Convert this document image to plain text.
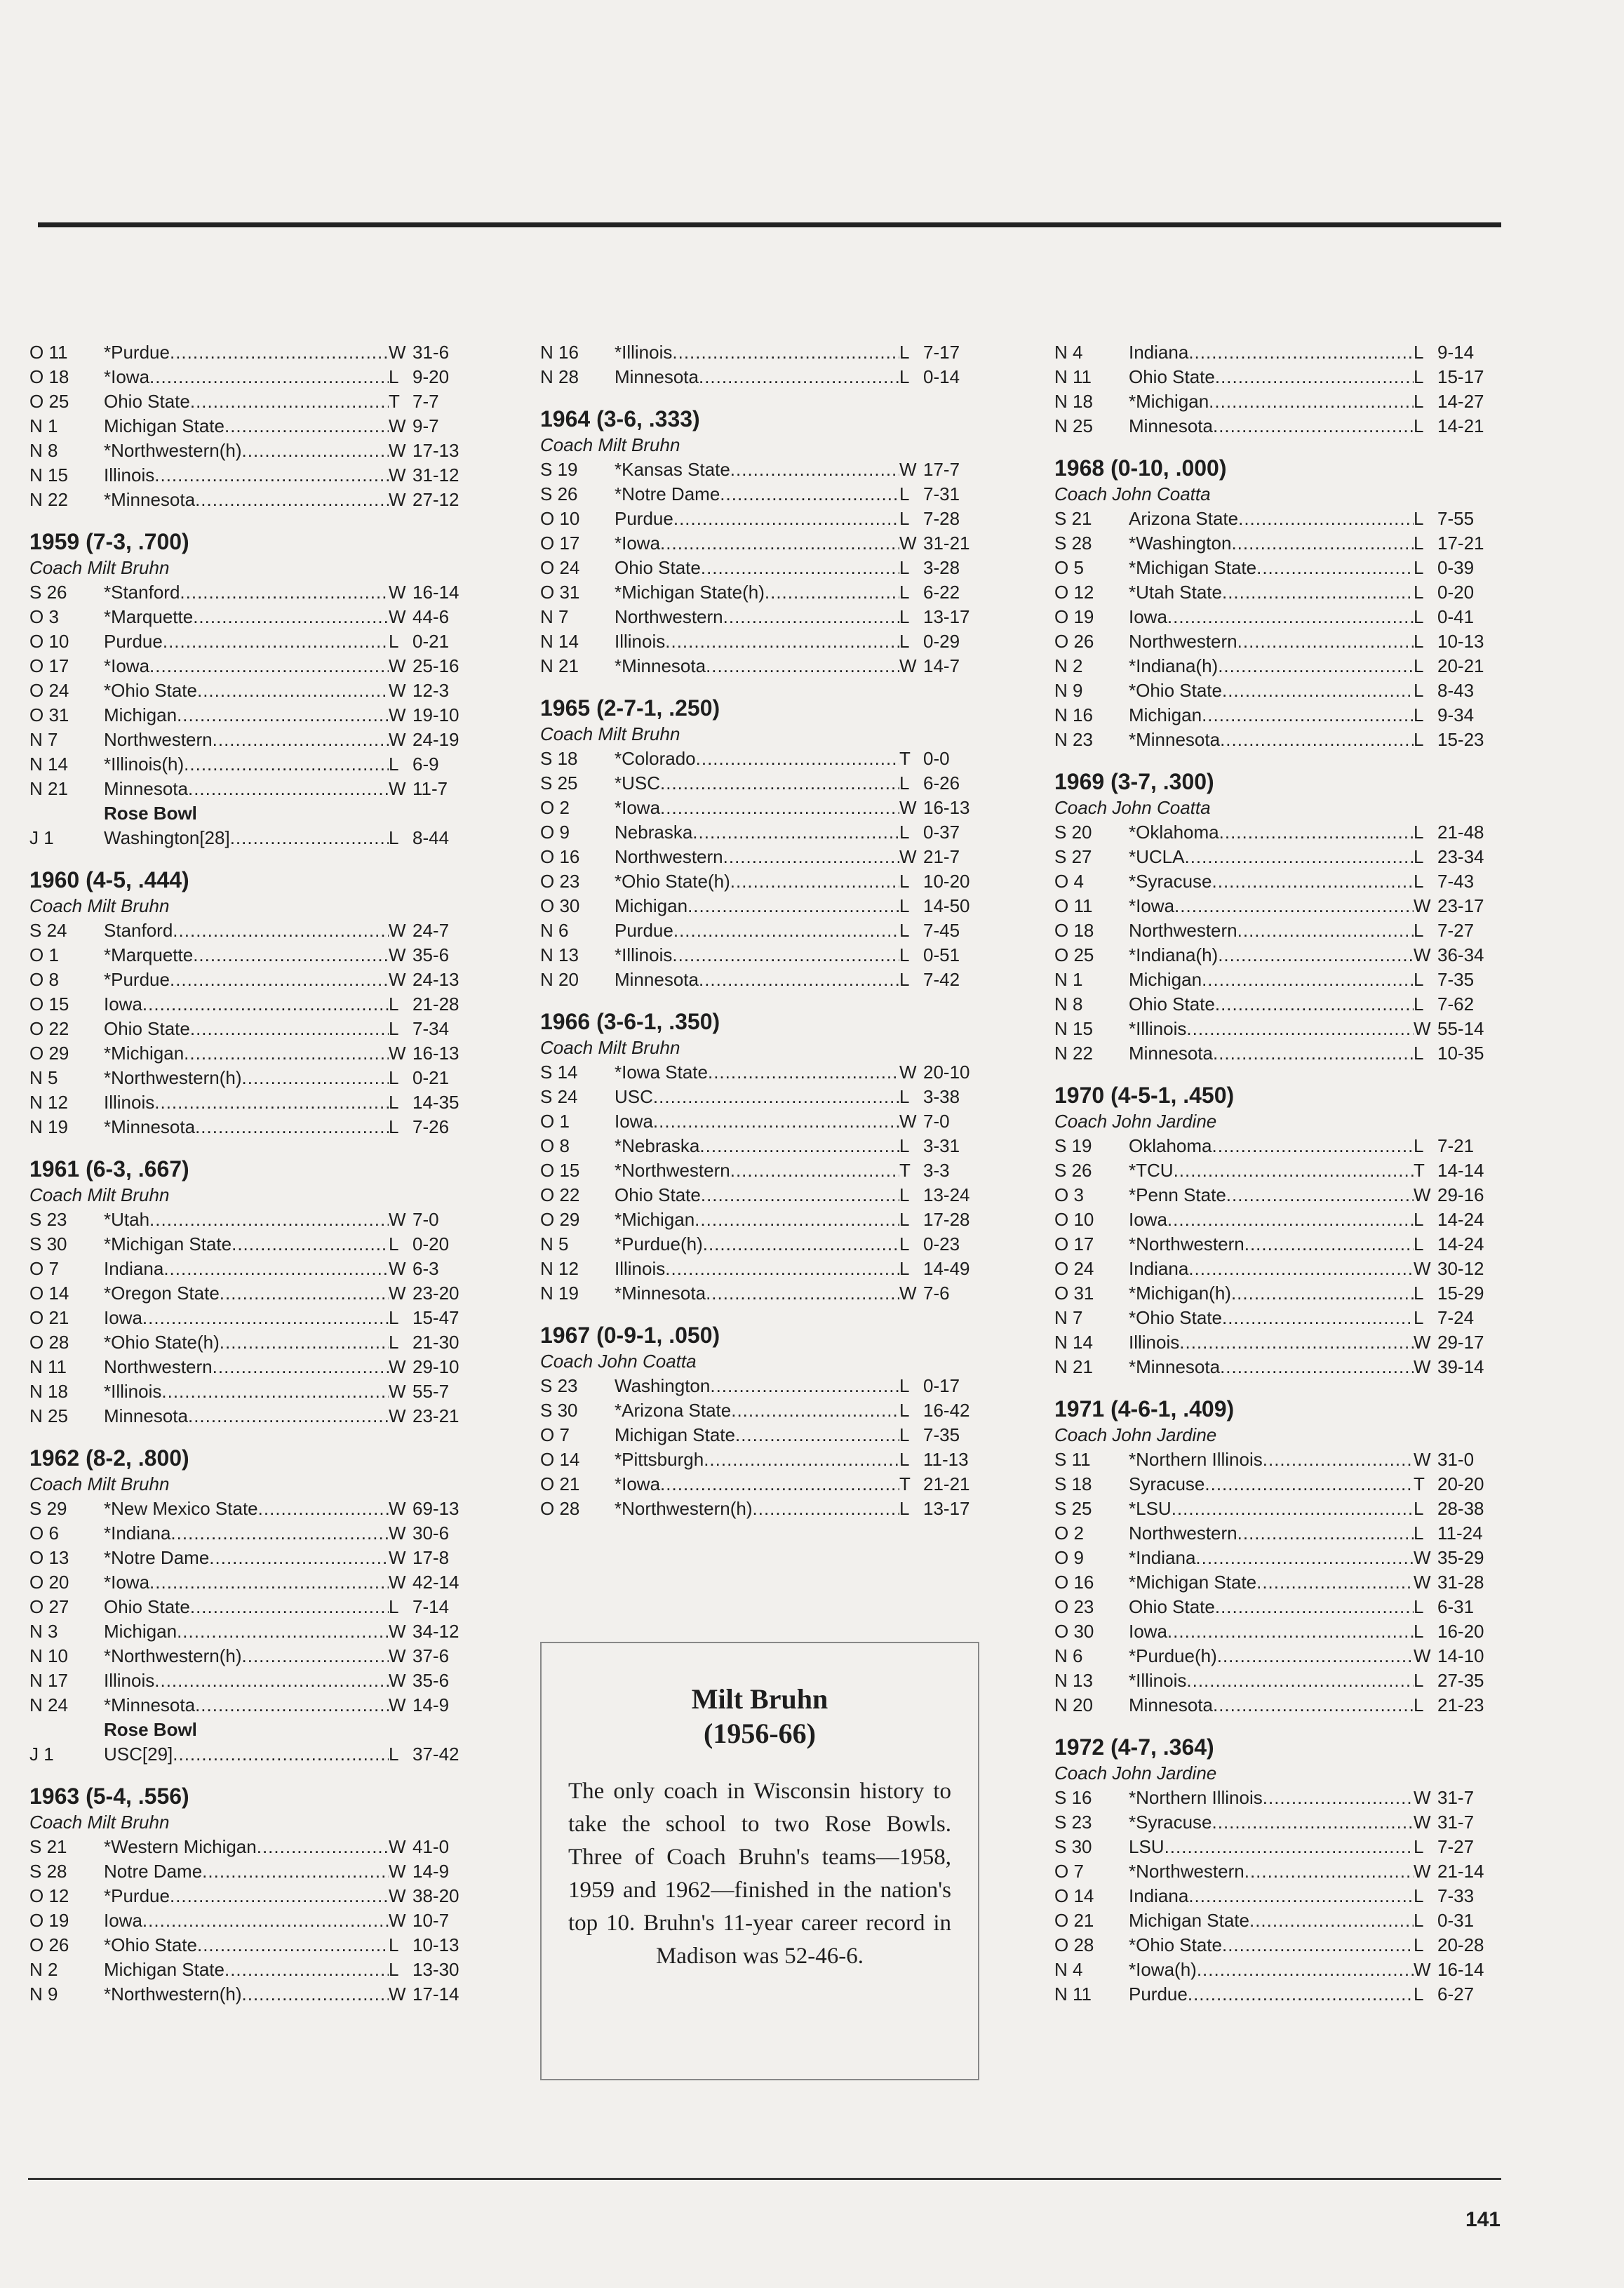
O 11	*Purdue .....	W 31-6
O 18	*Iowa .....	L 9-20
O 25	Ohio State .....	T 7-7
N 1	Michigan State .....	W 9-7
N 8	*Northwestern(h) .....	W 17-13
N 15	Illinois .....	W 31-12
N 22	*Minnesota .....	W 27-12
1959 (7-3, .700)
Coach Milt Bruhn
S 26	*Stanford .....	W 16-14
O 3	*Marquette .....	W 44-6
O 10	Purdue .....	L 0-21
O 17	*Iowa .....	W 25-16
O 24	*Ohio State .....	W 12-3
O 31	Michigan .....	W 19-10
N 7	Northwestern .....	W 24-19
N 14	*Illinois(h) .....	L 6-9
N 21	Minnesota .....	W 11-7
Rose Bowl
J 1	Washington[28] .....	L 8-44
1960 (4-5, .444)
Coach Milt Bruhn
S 24	Stanford .....	W 24-7
O 1	*Marquette .....	W 35-6
O 8	*Purdue .....	W 24-13
O 15	Iowa .....	L 21-28
O 22	Ohio State .....	L 7-34
O 29	*Michigan .....	W 16-13
N 5	*Northwestern(h) .....	L 0-21
N 12	Illinois .....	L 14-35
N 19	*Minnesota .....	L 7-26
1961 (6-3, .667)
Coach Milt Bruhn
S 23	*Utah .....	W 7-0
S 30	*Michigan State .....	L 0-20
O 7	Indiana .....	W 6-3
O 14	*Oregon State .....	W 23-20
O 21	Iowa .....	L 15-47
O 28	*Ohio State(h) .....	L 21-30
N 11	Northwestern .....	W 29-10
N 18	*Illinois .....	W 55-7
N 25	Minnesota .....	W 23-21
1962 (8-2, .800)
Coach Milt Bruhn
S 29	*New Mexico State .....	W 69-13
O 6	*Indiana .....	W 30-6
O 13	*Notre Dame .....	W 17-8
O 20	*Iowa .....	W 42-14
O 27	Ohio State .....	L 7-14
N 3	Michigan .....	W 34-12
N 10	*Northwestern(h) .....	W 37-6
N 17	Illinois .....	W 35-6
N 24	*Minnesota .....	W 14-9
Rose Bowl
J 1	USC[29] .....	L 37-42
1963 (5-4, .556)
Coach Milt Bruhn
S 21	*Western Michigan .....	W 41-0
S 28	Notre Dame .....	W 14-9
O 12	*Purdue .....	W 38-20
O 19	Iowa .....	W 10-7
O 26	*Ohio State .....	L 10-13
N 2	Michigan State .....	L 13-30
N 9	*Northwestern(h) .....	W 17-14
N 16	*Illinois .....	L 7-17
N 28	Minnesota .....	L 0-14
1964 (3-6, .333)
Coach Milt Bruhn
S 19	*Kansas State .....	W 17-7
S 26	*Notre Dame .....	L 7-31
O 10	Purdue .....	L 7-28
O 17	*Iowa .....	W 31-21
O 24	Ohio State .....	L 3-28
O 31	*Michigan State(h) .....	L 6-22
N 7	Northwestern .....	L 13-17
N 14	Illinois .....	L 0-29
N 21	*Minnesota .....	W 14-7
1965 (2-7-1, .250)
Coach Milt Bruhn
S 18	*Colorado .....	T 0-0
S 25	*USC .....	L 6-26
O 2	*Iowa .....	W 16-13
O 9	Nebraska .....	L 0-37
O 16	Northwestern .....	W 21-7
O 23	*Ohio State(h) .....	L 10-20
O 30	Michigan .....	L 14-50
N 6	Purdue .....	L 7-45
N 13	*Illinois .....	L 0-51
N 20	Minnesota .....	L 7-42
1966 (3-6-1, .350)
Coach Milt Bruhn
S 14	*Iowa State .....	W 20-10
S 24	USC .....	L 3-38
O 1	Iowa .....	W 7-0
O 8	*Nebraska .....	L 3-31
O 15	*Northwestern .....	T 3-3
O 22	Ohio State .....	L 13-24
O 29	*Michigan .....	L 17-28
N 5	*Purdue(h) .....	L 0-23
N 12	Illinois .....	L 14-49
N 19	*Minnesota .....	W 7-6
1967 (0-9-1, .050)
Coach John Coatta
S 23	Washington .....	L 0-17
S 30	*Arizona State .....	L 16-42
O 7	Michigan State .....	L 7-35
O 14	*Pittsburgh .....	L 11-13
O 21	*Iowa .....	T 21-21
O 28	*Northwestern(h) .....	L 13-17
N 4	Indiana .....	L 9-14
N 11	Ohio State .....	L 15-17
N 18	*Michigan .....	L 14-27
N 25	Minnesota .....	L 14-21
1968 (0-10, .000)
Coach John Coatta
S 21	Arizona State .....	L 7-55
S 28	*Washington .....	L 17-21
O 5	*Michigan State .....	L 0-39
O 12	*Utah State .....	L 0-20
O 19	Iowa .....	L 0-41
O 26	Northwestern .....	L 10-13
N 2	*Indiana(h) .....	L 20-21
N 9	*Ohio State .....	L 8-43
N 16	Michigan .....	L 9-34
N 23	*Minnesota .....	L 15-23
1969 (3-7, .300)
Coach John Coatta
S 20	*Oklahoma .....	L 21-48
S 27	*UCLA .....	L 23-34
O 4	*Syracuse .....	L 7-43
O 11	*Iowa .....	W 23-17
O 18	Northwestern .....	L 7-27
O 25	*Indiana(h) .....	W 36-34
N 1	Michigan .....	L 7-35
N 8	Ohio State .....	L 7-62
N 15	*Illinois .....	W 55-14
N 22	Minnesota .....	L 10-35
1970 (4-5-1, .450)
Coach John Jardine
S 19	Oklahoma .....	L 7-21
S 26	*TCU .....	T 14-14
O 3	*Penn State .....	W 29-16
O 10	Iowa .....	L 14-24
O 17	*Northwestern .....	L 14-24
O 24	Indiana .....	W 30-12
O 31	*Michigan(h) .....	L 15-29
N 7	*Ohio State .....	L 7-24
N 14	Illinois .....	W 29-17
N 21	*Minnesota .....	W 39-14
1971 (4-6-1, .409)
Coach John Jardine
S 11	*Northern Illinois .....	W 31-0
S 18	Syracuse .....	T 20-20
S 25	*LSU .....	L 28-38
O 2	Northwestern .....	L 11-24
O 9	*Indiana .....	W 35-29
O 16	*Michigan State .....	W 31-28
O 23	Ohio State .....	L 6-31
O 30	Iowa .....	L 16-20
N 6	*Purdue(h) .....	W 14-10
N 13	*Illinois .....	L 27-35
N 20	Minnesota .....	L 21-23
1972 (4-7, .364)
Coach John Jardine
S 16	*Northern Illinois .....	W 31-7
S 23	*Syracuse .....	W 31-7
S 30	LSU .....	L 7-27
O 7	*Northwestern .....	W 21-14
O 14	Indiana .....	L 7-33
O 21	Michigan State .....	L 0-31
O 28	*Ohio State .....	L 20-28
N 4	*Iowa(h) .....	W 16-14
N 11	Purdue .....	L 6-27
Milt Bruhn
(1956-66)
The only coach in Wisconsin history to take the school to two Rose Bowls. Three of Coach Bruhn's teams—1958, 1959 and 1962—finished in the nation's top 10. Bruhn's 11-year career record in Madison was 52-46-6.
141
